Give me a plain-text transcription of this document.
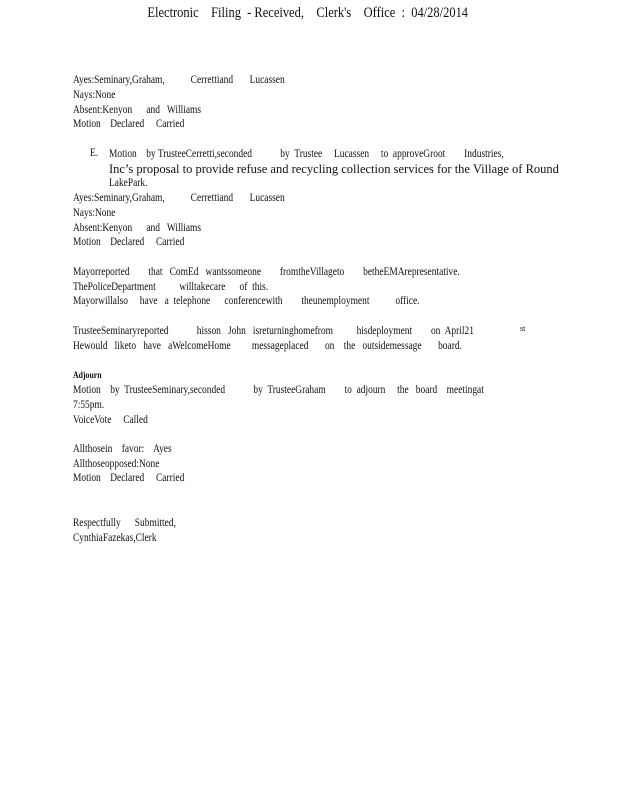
Electronic    Filing  - Received,    Clerk's    Office  :  04/28/2014
Ayes:Seminary,Graham,           Cerrettiand       Lucassen
Nays:None
Absent:Kenyon      and   Williams
Motion    Declared     Carried
E. Motion    by TrusteeCerretti,seconded            by  Trustee     Lucassen     to  approveGroot        Industries,
Inc’s proposal to provide refuse and recycling collection services for the Village of Round
LakePark.
Ayes:Seminary,Graham,           Cerrettiand       Lucassen
Nays:None
Absent:Kenyon      and   Williams
Motion    Declared     Carried
Mayorreported        that   ComEd   wantssomeone        fromtheVillageto        betheEMArepresentative.
ThePoliceDepartment          willtakecare      of  this.
Mayorwillalso     have   a  telephone      conferencewith        theunemployment           office.
TrusteeSeminaryreported            hisson   John   isreturninghomefrom          hisdeployment        on  April21	st
Hewould   liketo   have   aWelcomeHome         messageplaced       on    the   outsidemessage       board.
Adjourn
Motion    by  TrusteeSeminary,seconded            by  TrusteeGraham        to  adjourn     the   board    meetingat
7:55pm.
VoiceVote     Called
Allthosein    favor:    Ayes
Allthoseopposed:None
Motion    Declared     Carried
Respectfully      Submitted,
CynthiaFazekas,Clerk
